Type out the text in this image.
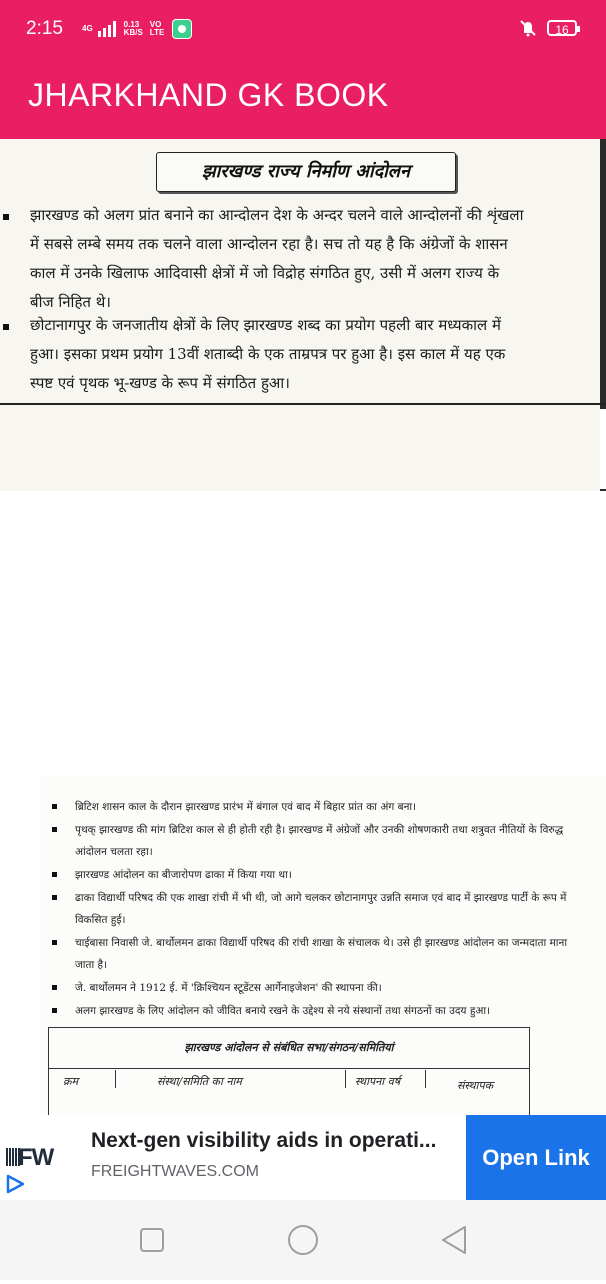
2:15 4G	0.13
KB/S
VO
LTE	16
JHARKHAND GK BOOK
झारखण्ड राज्य निर्माण आंदोलन
झारखण्ड को अलग प्रांत बनाने का आन्दोलन देश के अन्दर चलने वाले आन्दोलनों की शृंखला
में सबसे लम्बे समय तक चलने वाला आन्दोलन रहा है। सच तो यह है कि अंग्रेजों के शासन
काल में उनके खिलाफ आदिवासी क्षेत्रों में जो विद्रोह संगठित हुए, उसी में अलग राज्य के
बीज निहित थे।
छोटानागपुर के जनजातीय क्षेत्रों के लिए झारखण्ड शब्द का प्रयोग पहली बार मध्यकाल में
हुआ। इसका प्रथम प्रयोग 13वीं शताब्दी के एक ताम्रपत्र पर हुआ है। इस काल में यह एक
स्पष्ट एवं पृथक भू-खण्ड के रूप में संगठित हुआ।
ब्रिटिश शासन काल के दौरान झारखण्ड प्रारंभ में बंगाल एवं बाद में बिहार प्रांत का अंग बना।
पृथक् झारखण्ड की मांग ब्रिटिश काल से ही होती रही है। झारखण्ड में अंग्रेजों और उनकी शोषणकारी तथा शत्रुवत नीतियों के विरुद्ध आंदोलन चलता रहा।
झारखण्ड आंदोलन का बीजारोपण ढाका में किया गया था।
ढाका विद्यार्थी परिषद की एक शाखा रांची में भी थी, जो आगे चलकर छोटानागपुर उन्नति समाज एवं बाद में झारखण्ड पार्टी के रूप में विकसित हुई।
चाईबासा निवासी जे. बार्थोलमन ढाका विद्यार्थी परिषद की रांची शाखा के संचालक थे। उसे ही झारखण्ड आंदोलन का जन्मदाता माना जाता है।
जे. बार्थोलमन ने 1912 ई. में 'क्रिश्चियन स्टूडेंटस आर्गेनाइजेशन' की स्थापना की।
अलग झारखण्ड के लिए आंदोलन को जीवित बनाये रखने के उद्देश्य से नये संस्थानों तथा संगठनों का उदय हुआ।
झारखण्ड आंदोलन से संबंधित सभा/संगठन/समितियां
क्रम	संस्था/समिति का नाम	स्थापना वर्ष	संस्थापक
FW
Next-gen visibility aids in operati...
FREIGHTWAVES.COM
Open Link
